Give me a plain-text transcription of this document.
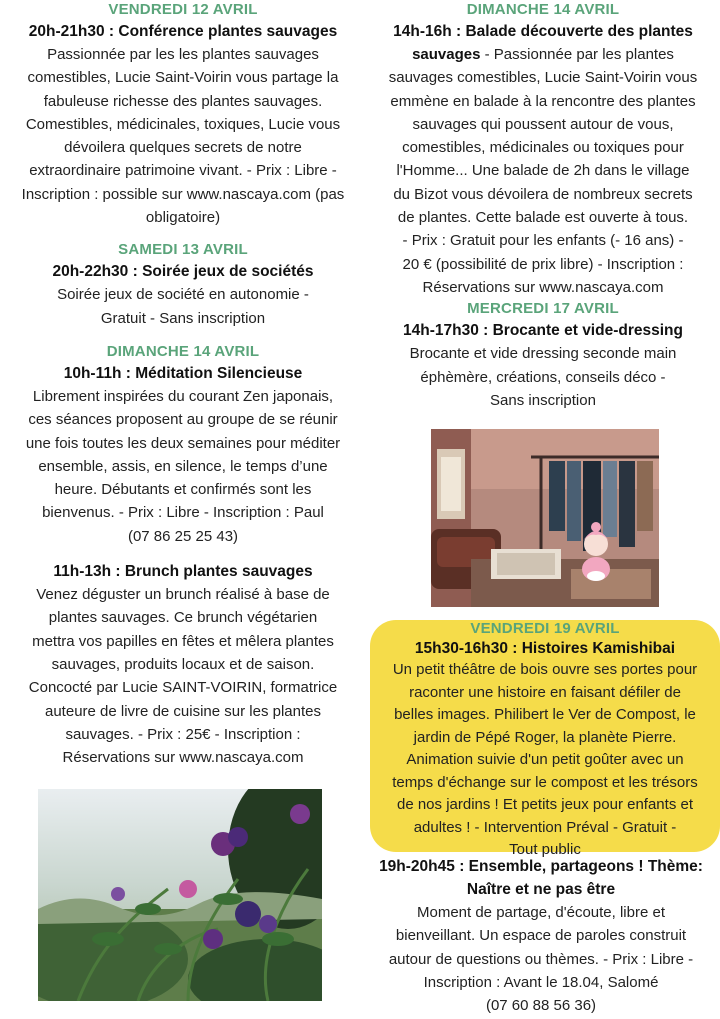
VENDREDI 12 AVRIL

20h-21h30 : Conférence plantes sauvages

Passionnée par les les plantes sauvages

comestibles, Lucie Saint-Voirin vous partage la

fabuleuse richesse des plantes sauvages.

Comestibles, médicinales, toxiques, Lucie vous

dévoilera quelques secrets de notre

extraordinaire patrimoine vivant. - Prix : Libre -

Inscription : possible sur www.nascaya.com (pas

obligatoire)

SAMEDI 13 AVRIL

20h-22h30 : Soirée jeux de sociétés

Soirée jeux de société en autonomie -

Gratuit - Sans inscription

DIMANCHE 14 AVRIL

10h-11h : Méditation Silencieuse

Librement inspirées du courant Zen japonais,

ces séances proposent au groupe de se réunir

une fois toutes les deux semaines pour méditer

ensemble, assis, en silence, le temps d’une

heure. Débutants et confirmés sont les

bienvenus. - Prix : Libre - Inscription : Paul

(07 86 25 25 43)

11h-13h : Brunch plantes sauvages

Venez déguster un brunch réalisé à base de

plantes sauvages. Ce brunch végétarien

mettra vos papilles en fêtes et mêlera plantes

sauvages, produits locaux et de saison.

Concocté par Lucie SAINT-VOIRIN, formatrice

auteure de livre de cuisine sur les plantes

sauvages. - Prix : 25€ - Inscription :

Réservations sur www.nascaya.com

DIMANCHE 14 AVRIL

14h-16h : Balade découverte des plantes

sauvages - Passionnée par les plantes

sauvages comestibles, Lucie Saint-Voirin vous

emmène en balade à la rencontre des plantes

sauvages qui poussent autour de vous,

comestibles, médicinales ou toxiques pour

l'Homme... Une balade de 2h dans le village

du Bizot vous dévoilera de nombreux secrets

de plantes. Cette balade est ouverte à tous.

- Prix : Gratuit pour les enfants (- 16 ans) -

20 € (possibilité de prix libre) - Inscription :

Réservations sur www.nascaya.com

MERCREDI 17 AVRIL

14h-17h30 : Brocante et vide-dressing

Brocante et vide dressing seconde main

éphèmère, créations, conseils déco -

Sans inscription

VENDREDI 19 AVRIL

15h30-16h30 : Histoires Kamishibai

Un petit théâtre de bois ouvre ses portes pour

raconter une histoire en faisant défiler de

belles images. Philibert le Ver de Compost, le

jardin de Pépé Roger, la planète Pierre.

Animation suivie d'un petit goûter avec un

temps d'échange sur le compost et les trésors

de nos jardins ! Et petits jeux pour enfants et

adultes ! - Intervention Préval - Gratuit -

Tout public

19h-20h45 : Ensemble, partageons ! Thème:

Naître et ne pas être

Moment de partage, d'écoute, libre et

bienveillant. Un espace de paroles construit

autour de questions ou thèmes. - Prix : Libre -

Inscription : Avant le 18.04, Salomé

(07 60 88 56 36)
